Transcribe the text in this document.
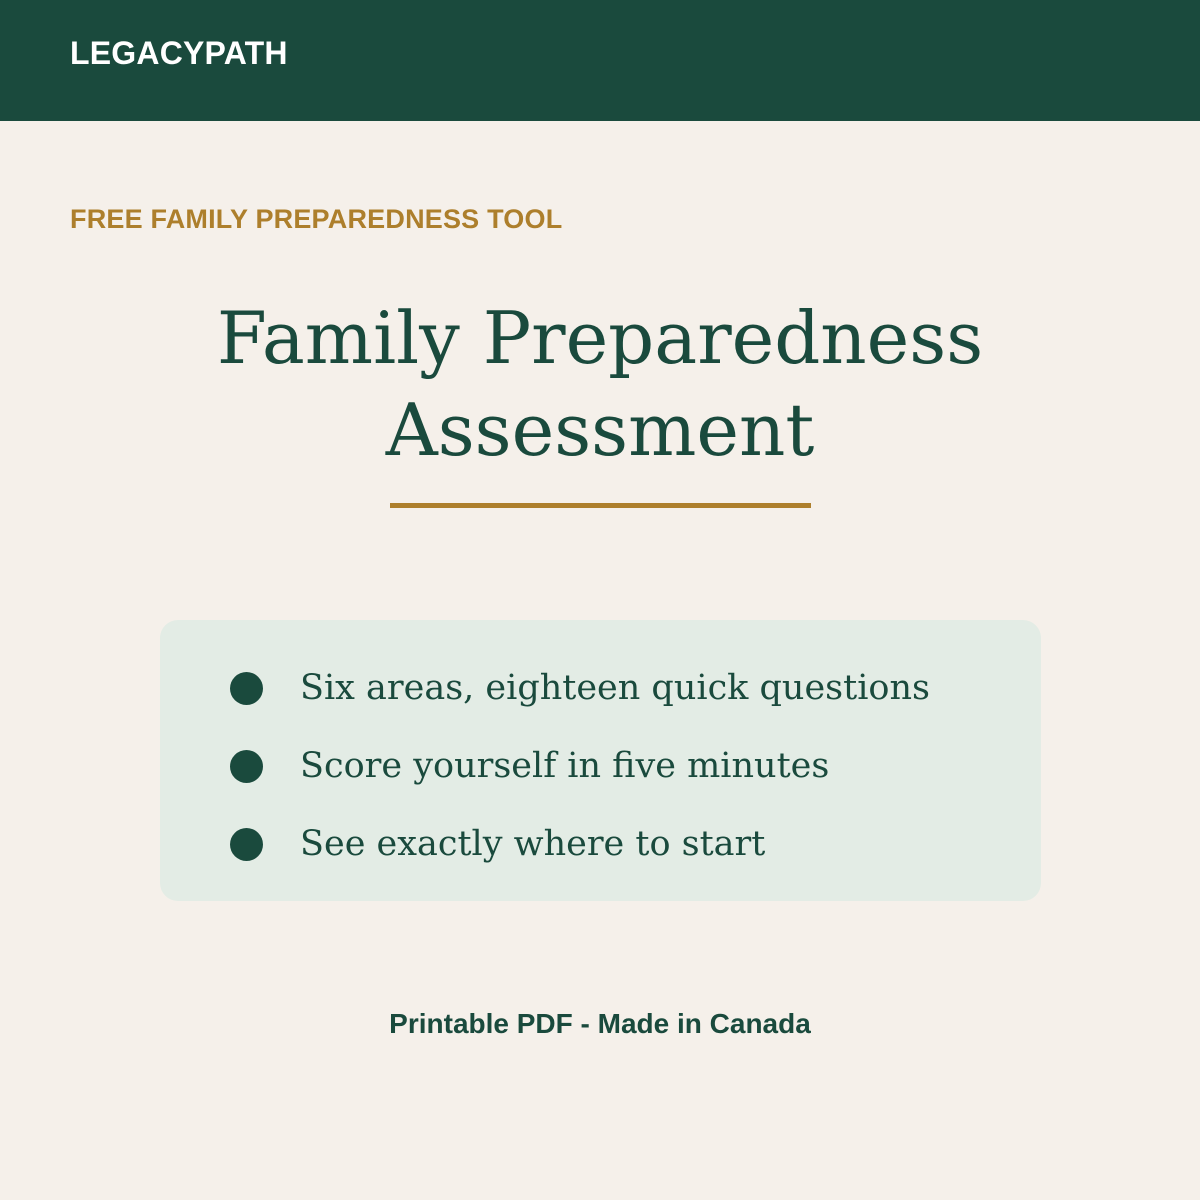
LEGACYPATH
FREE FAMILY PREPAREDNESS TOOL
Family Preparedness
Assessment
Six areas, eighteen quick questions
Score yourself in five minutes
See exactly where to start
Printable PDF - Made in Canada
